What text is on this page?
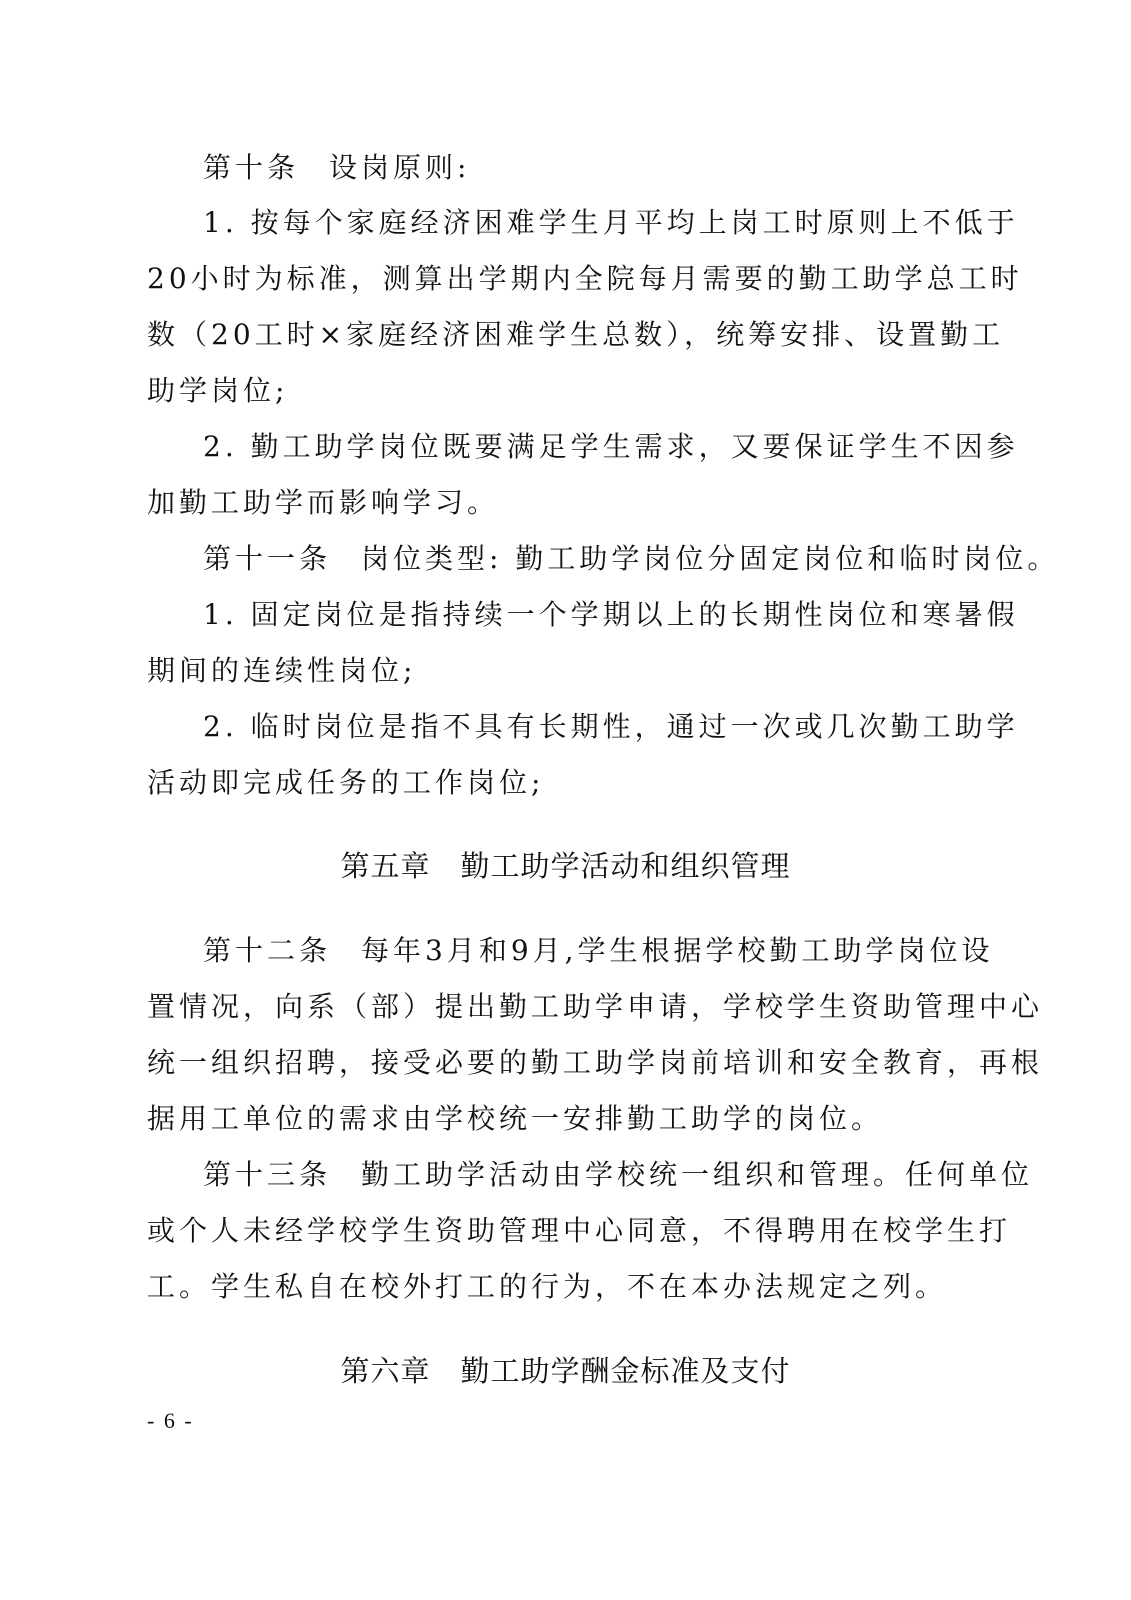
第十条 设岗原则:
1. 按每个家庭经济困难学生月平均上岗工时原则上不低于
20小时为标准，测算出学期内全院每月需要的勤工助学总工时
数（20工时×家庭经济困难学生总数），统筹安排、设置勤工
助学岗位;
2. 勤工助学岗位既要满足学生需求，又要保证学生不因参
加勤工助学而影响学习。
第十一条 岗位类型: 勤工助学岗位分固定岗位和临时岗位。
1. 固定岗位是指持续一个学期以上的长期性岗位和寒暑假
期间的连续性岗位;
2. 临时岗位是指不具有长期性，通过一次或几次勤工助学
活动即完成任务的工作岗位;
第五章 勤工助学活动和组织管理
第十二条 每年3月和9月,学生根据学校勤工助学岗位设
置情况，向系（部）提出勤工助学申请，学校学生资助管理中心
统一组织招聘，接受必要的勤工助学岗前培训和安全教育，再根
据用工单位的需求由学校统一安排勤工助学的岗位。
第十三条 勤工助学活动由学校统一组织和管理。任何单位
或个人未经学校学生资助管理中心同意，不得聘用在校学生打
工。学生私自在校外打工的行为，不在本办法规定之列。
第六章 勤工助学酬金标准及支付
- 6 -
